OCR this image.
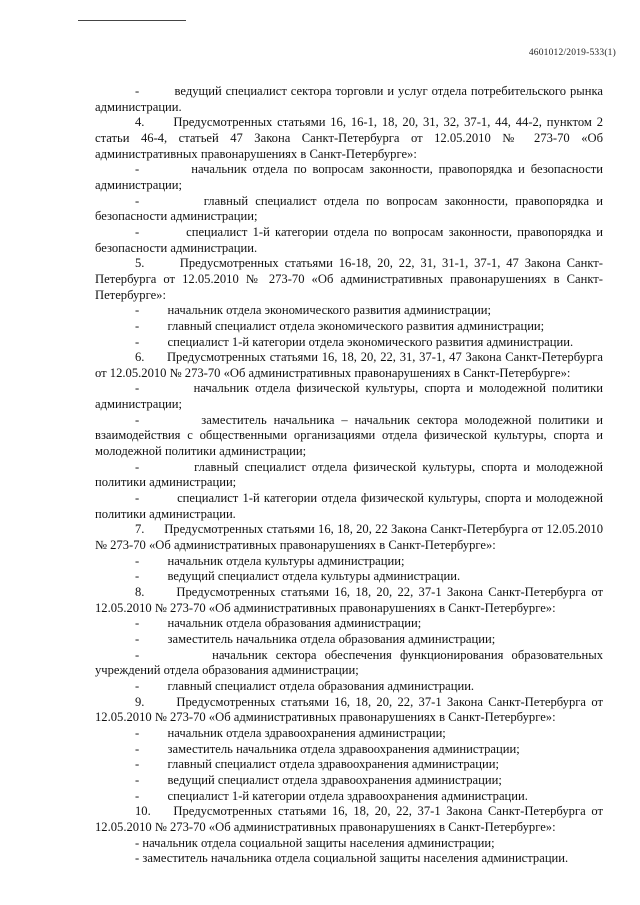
4601012/2019-533(1)

-         ведущий специалист сектора торговли и услуг отдела потребительского рынка администрации.

4.      Предусмотренных статьями 16, 16-1, 18, 20, 31, 32, 37-1, 44, 44-2, пунктом 2 статьи 46-4, статьей 47 Закона Санкт-Петербурга от 12.05.2010 № 273-70 «Об административных правонарушениях в Санкт-Петербурге»:

-         начальник отдела по вопросам законности, правопорядка и безопасности администрации;

-         главный специалист отдела по вопросам законности, правопорядка и безопасности администрации;

-         специалист 1-й категории отдела по вопросам законности, правопорядка и безопасности администрации.

5.      Предусмотренных статьями 16-18, 20, 22, 31, 31-1, 37-1, 47 Закона Санкт-Петербурга от 12.05.2010 № 273-70 «Об административных правонарушениях в Санкт-Петербурге»:

-         начальник отдела экономического развития администрации;

-         главный специалист отдела экономического развития администрации;

-         специалист 1-й категории отдела экономического развития администрации.

6.      Предусмотренных статьями 16, 18, 20, 22, 31, 37-1, 47 Закона Санкт-Петербурга от 12.05.2010 № 273-70 «Об административных правонарушениях в Санкт-Петербурге»:

-         начальник отдела физической культуры, спорта и молодежной политики администрации;

-         заместитель начальника – начальник сектора молодежной политики и взаимодействия с общественными организациями отдела физической культуры, спорта и молодежной политики администрации;

-         главный специалист отдела физической культуры, спорта и молодежной политики администрации;

-         специалист 1-й категории отдела физической культуры, спорта и молодежной политики администрации.

7.      Предусмотренных статьями 16, 18, 20, 22 Закона Санкт-Петербурга от 12.05.2010 № 273-70 «Об административных правонарушениях в Санкт-Петербурге»:

-         начальник отдела культуры администрации;

-         ведущий специалист отдела культуры администрации.

8.      Предусмотренных статьями 16, 18, 20, 22, 37-1 Закона Санкт-Петербурга от 12.05.2010 № 273-70 «Об административных правонарушениях в Санкт-Петербурге»:

-         начальник отдела образования администрации;

-         заместитель начальника отдела образования администрации;

-         начальник сектора обеспечения функционирования образовательных учреждений отдела образования администрации;

-         главный специалист отдела образования администрации.

9.      Предусмотренных статьями 16, 18, 20, 22, 37-1 Закона Санкт-Петербурга от 12.05.2010 № 273-70 «Об административных правонарушениях в Санкт-Петербурге»:

-         начальник отдела здравоохранения администрации;

-         заместитель начальника отдела здравоохранения администрации;

-         главный специалист отдела здравоохранения администрации;

-         ведущий специалист отдела здравоохранения администрации;

-         специалист 1-й категории отдела здравоохранения администрации.

10.    Предусмотренных статьями 16, 18, 20, 22, 37-1 Закона Санкт-Петербурга от 12.05.2010 № 273-70 «Об административных правонарушениях в Санкт-Петербурге»:

- начальник отдела социальной защиты населения администрации;

- заместитель начальника отдела социальной защиты населения администрации.
